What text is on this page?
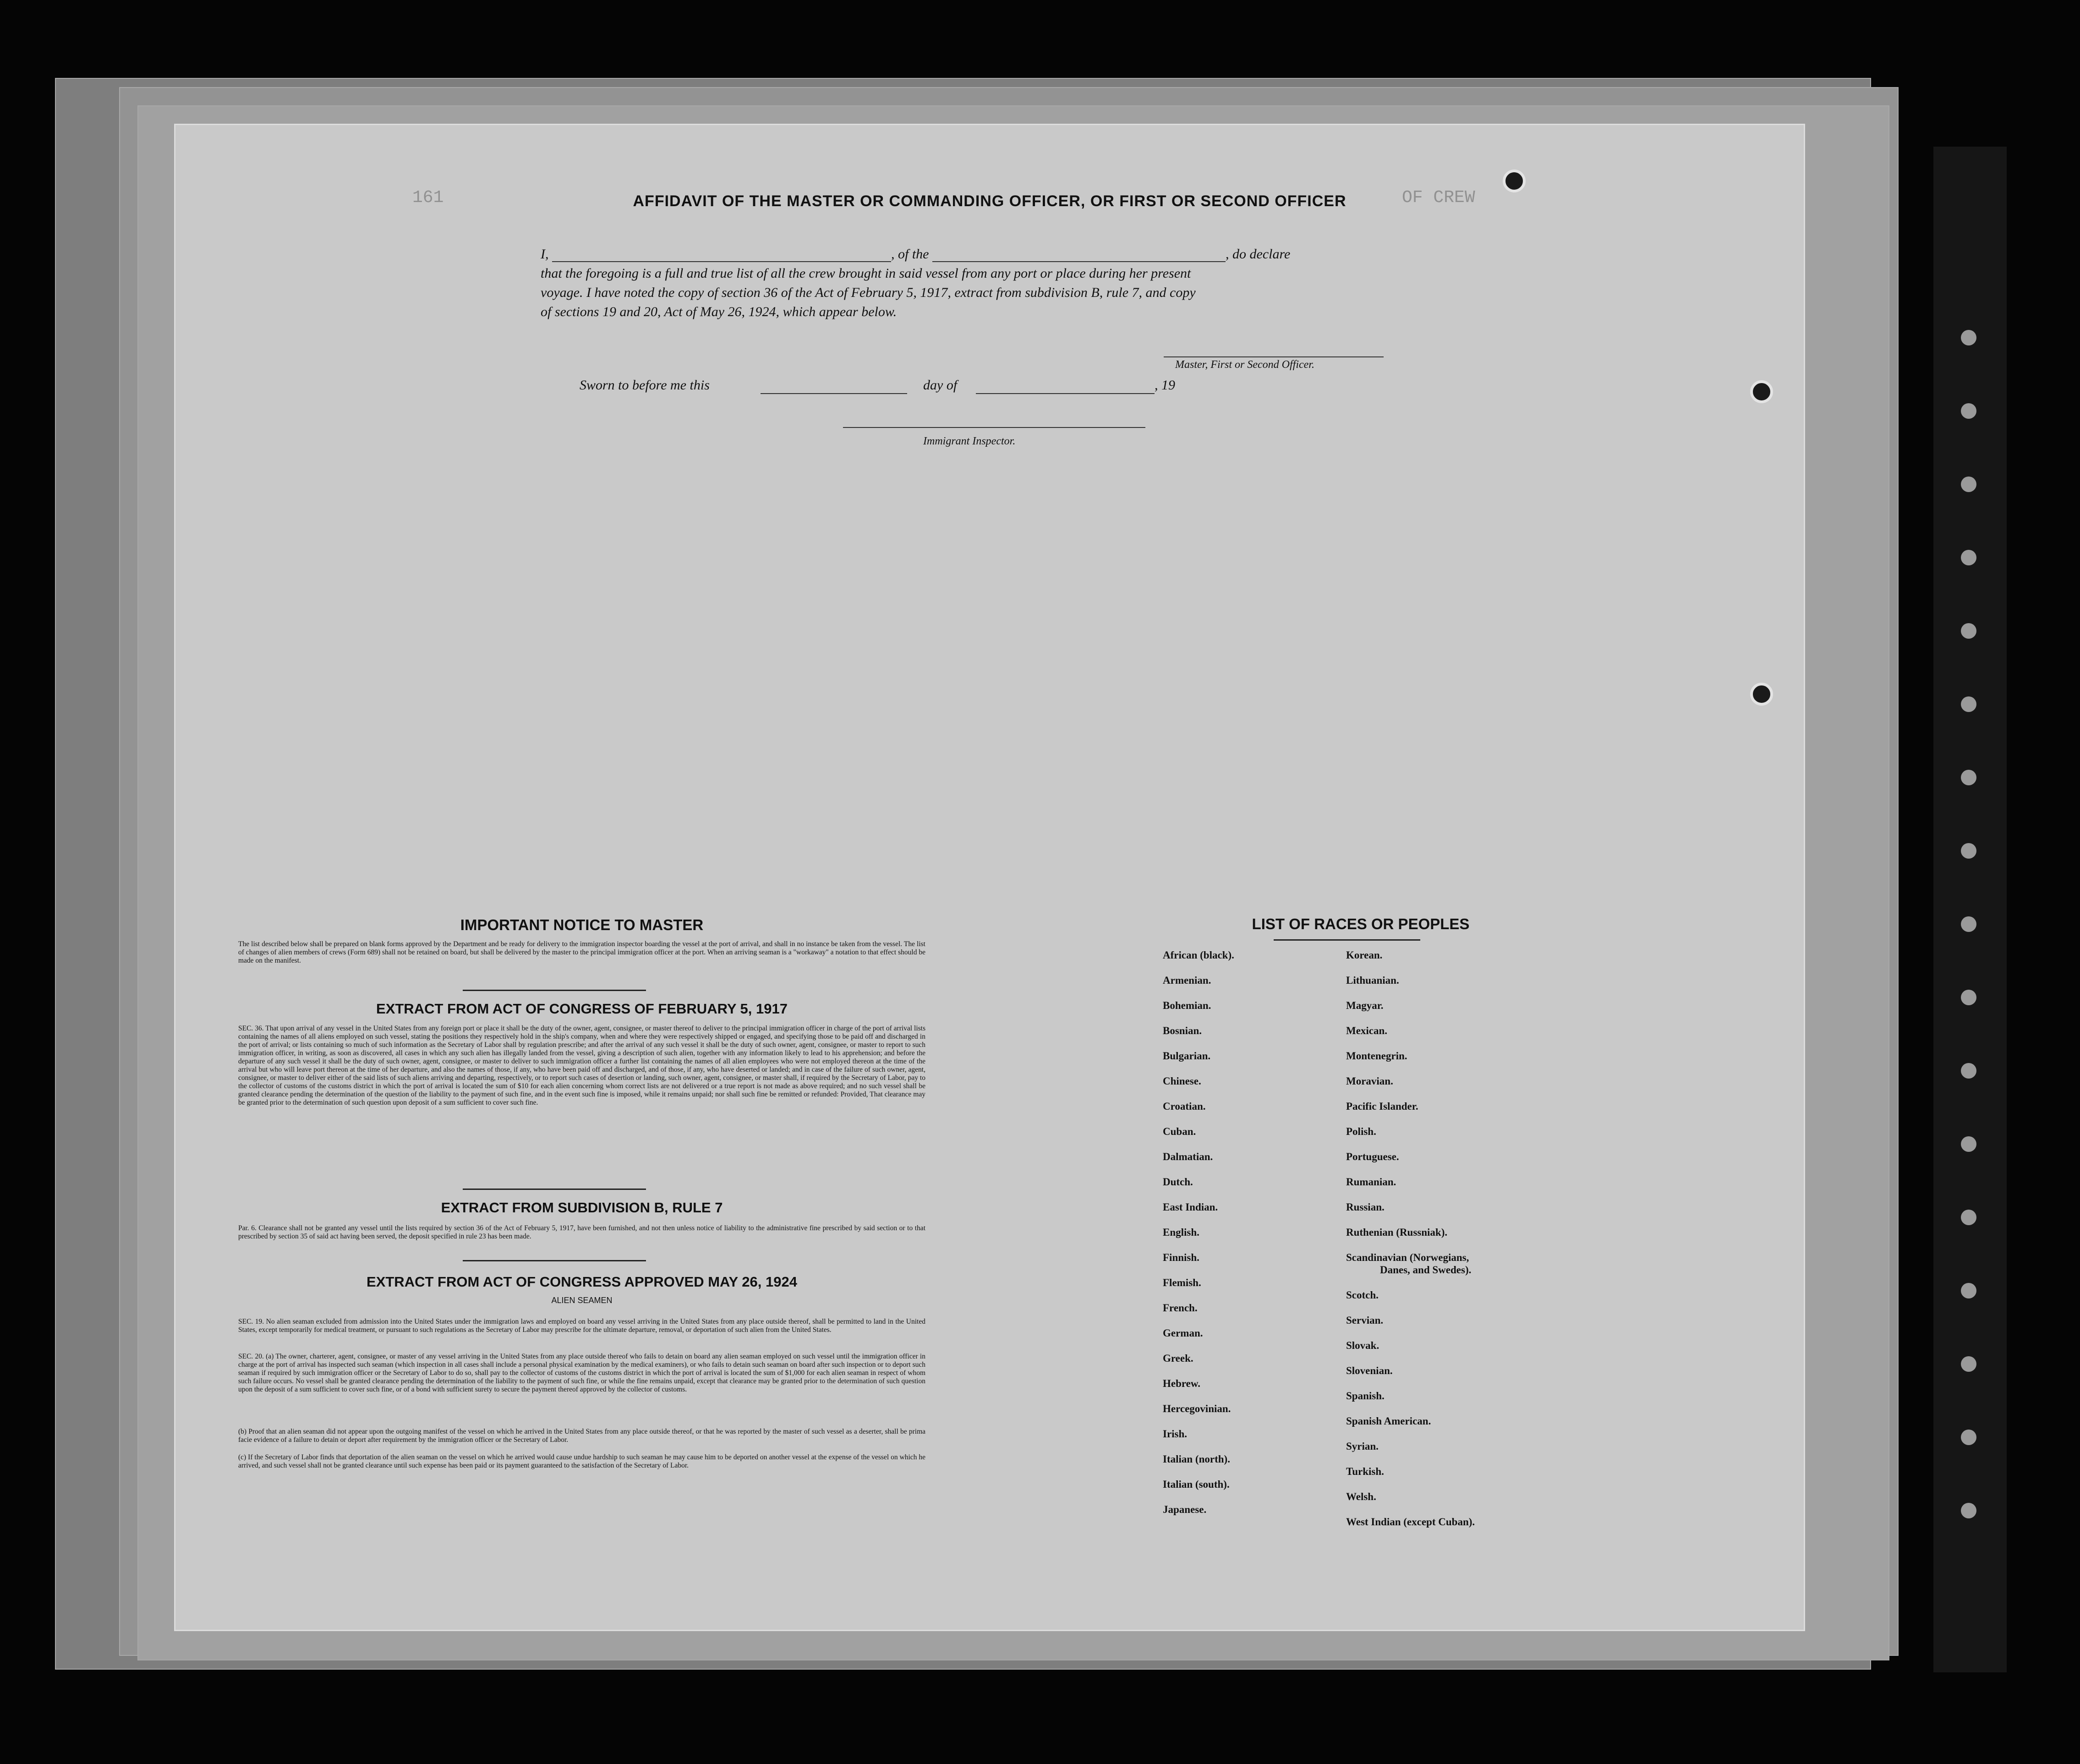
161	OF CREW
AFFIDAVIT OF THE MASTER OR COMMANDING OFFICER, OR FIRST OR SECOND OFFICER
I,	, of the	, do declare
that the foregoing is a full and true list of all the crew brought in said vessel from any port or place during her present
voyage. I have noted the copy of section 36 of the Act of February 5, 1917, extract from subdivision B, rule 7, and copy
of sections 19 and 20, Act of May 26, 1924, which appear below.
Master, First or Second Officer.
Sworn to before me this	day of	, 19
Immigrant Inspector.
IMPORTANT NOTICE TO MASTER
The list described below shall be prepared on blank forms approved by the Department and be ready for delivery to the immigration inspector boarding the vessel at the port of arrival, and shall in no instance be taken from the vessel. The list of changes of alien members of crews (Form 689) shall not be retained on board, but shall be delivered by the master to the principal immigration officer at the port. When an arriving seaman is a "workaway" a notation to that effect should be made on the manifest.
EXTRACT FROM ACT OF CONGRESS OF FEBRUARY 5, 1917
SEC. 36. That upon arrival of any vessel in the United States from any foreign port or place it shall be the duty of the owner, agent, consignee, or master thereof to deliver to the principal immigration officer in charge of the port of arrival lists containing the names of all aliens employed on such vessel, stating the positions they respectively hold in the ship's company, when and where they were respectively shipped or engaged, and specifying those to be paid off and discharged in the port of arrival; or lists containing so much of such information as the Secretary of Labor shall by regulation prescribe; and after the arrival of any such vessel it shall be the duty of such owner, agent, consignee, or master to report to such immigration officer, in writing, as soon as discovered, all cases in which any such alien has illegally landed from the vessel, giving a description of such alien, together with any information likely to lead to his apprehension; and before the departure of any such vessel it shall be the duty of such owner, agent, consignee, or master to deliver to such immigration officer a further list containing the names of all alien employees who were not employed thereon at the time of the arrival but who will leave port thereon at the time of her departure, and also the names of those, if any, who have been paid off and discharged, and of those, if any, who have deserted or landed; and in case of the failure of such owner, agent, consignee, or master to deliver either of the said lists of such aliens arriving and departing, respectively, or to report such cases of desertion or landing, such owner, agent, consignee, or master shall, if required by the Secretary of Labor, pay to the collector of customs of the customs district in which the port of arrival is located the sum of $10 for each alien concerning whom correct lists are not delivered or a true report is not made as above required; and no such vessel shall be granted clearance pending the determination of the question of the liability to the payment of such fine, and in the event such fine is imposed, while it remains unpaid; nor shall such fine be remitted or refunded: Provided, That clearance may be granted prior to the determination of such question upon deposit of a sum sufficient to cover such fine.
EXTRACT FROM SUBDIVISION B, RULE 7
Par. 6. Clearance shall not be granted any vessel until the lists required by section 36 of the Act of February 5, 1917, have been furnished, and not then unless notice of liability to the administrative fine prescribed by said section or to that prescribed by section 35 of said act having been served, the deposit specified in rule 23 has been made.
EXTRACT FROM ACT OF CONGRESS APPROVED MAY 26, 1924
ALIEN SEAMEN
SEC. 19. No alien seaman excluded from admission into the United States under the immigration laws and employed on board any vessel arriving in the United States from any place outside thereof, shall be permitted to land in the United States, except temporarily for medical treatment, or pursuant to such regulations as the Secretary of Labor may prescribe for the ultimate departure, removal, or deportation of such alien from the United States.
SEC. 20. (a) The owner, charterer, agent, consignee, or master of any vessel arriving in the United States from any place outside thereof who fails to detain on board any alien seaman employed on such vessel until the immigration officer in charge at the port of arrival has inspected such seaman (which inspection in all cases shall include a personal physical examination by the medical examiners), or who fails to detain such seaman on board after such inspection or to deport such seaman if required by such immigration officer or the Secretary of Labor to do so, shall pay to the collector of customs of the customs district in which the port of arrival is located the sum of $1,000 for each alien seaman in respect of whom such failure occurs. No vessel shall be granted clearance pending the determination of the liability to the payment of such fine, or while the fine remains unpaid, except that clearance may be granted prior to the determination of such question upon the deposit of a sum sufficient to cover such fine, or of a bond with sufficient surety to secure the payment thereof approved by the collector of customs.
(b) Proof that an alien seaman did not appear upon the outgoing manifest of the vessel on which he arrived in the United States from any place outside thereof, or that he was reported by the master of such vessel as a deserter, shall be prima facie evidence of a failure to detain or deport after requirement by the immigration officer or the Secretary of Labor.
(c) If the Secretary of Labor finds that deportation of the alien seaman on the vessel on which he arrived would cause undue hardship to such seaman he may cause him to be deported on another vessel at the expense of the vessel on which he arrived, and such vessel shall not be granted clearance until such expense has been paid or its payment guaranteed to the satisfaction of the Secretary of Labor.
LIST OF RACES OR PEOPLES
African (black).
Armenian.
Bohemian.
Bosnian.
Bulgarian.
Chinese.
Croatian.
Cuban.
Dalmatian.
Dutch.
East Indian.
English.
Finnish.
Flemish.
French.
German.
Greek.
Hebrew.
Hercegovinian.
Irish.
Italian (north).
Italian (south).
Japanese.
Korean.
Lithuanian.
Magyar.
Mexican.
Montenegrin.
Moravian.
Pacific Islander.
Polish.
Portuguese.
Rumanian.
Russian.
Ruthenian (Russniak).
Scandinavian (Norwegians,
Danes, and Swedes).
Scotch.
Servian.
Slovak.
Slovenian.
Spanish.
Spanish American.
Syrian.
Turkish.
Welsh.
West Indian (except Cuban).
